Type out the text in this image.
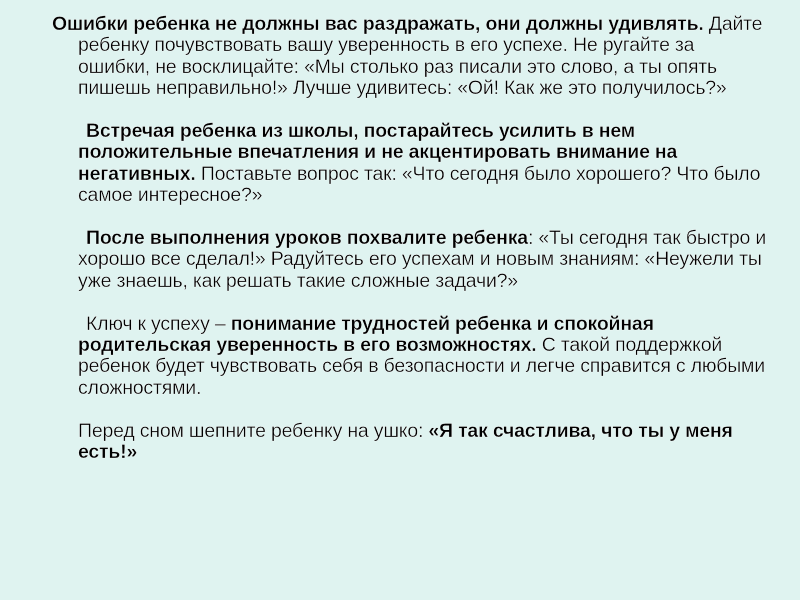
Ошибки ребенка не должны вас раздражать, они должны удивлять. Дайте ребенку почувствовать вашу уверенность в его успехе. Не ругайте за ошибки, не восклицайте: «Мы столько раз писали это слово, а ты опять пишешь неправильно!» Лучше удивитесь: «Ой! Как же это получилось?»

Встречая ребенка из школы, постарайтесь усилить в нем положительные впечатления и не акцентировать внимание на негативных. Поставьте вопрос так: «Что сегодня было хорошего? Что было самое интересное?»

После выполнения уроков похвалите ребенка: «Ты сегодня так быстро и хорошо все сделал!» Радуйтесь его успехам и новым знаниям: «Неужели ты уже знаешь, как решать такие сложные задачи?»

Ключ к успеху – понимание трудностей ребенка и спокойная родительская уверенность в его возможностях. С такой поддержкой ребенок будет чувствовать себя в безопасности и легче справится с любыми сложностями.

Перед сном шепните ребенку на ушко: «Я так счастлива, что ты у меня есть!»
